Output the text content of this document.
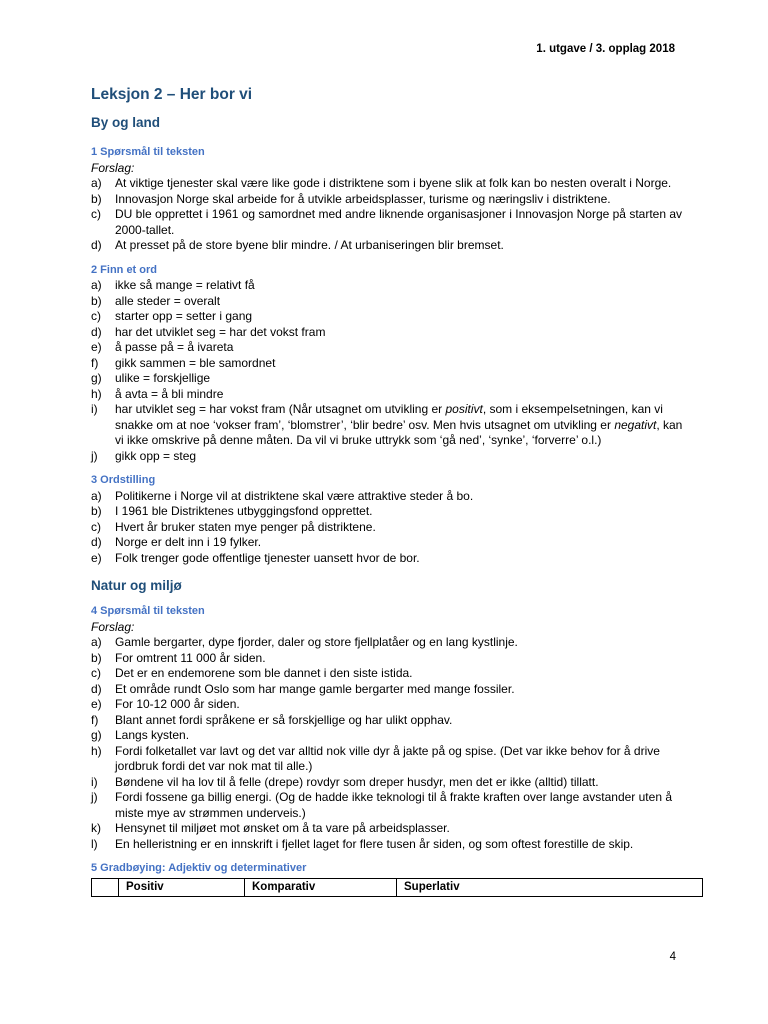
1. utgave / 3. opplag 2018
Leksjon 2 – Her bor vi
By og land
1 Spørsmål til teksten
Forslag:
a) At viktige tjenester skal være like gode i distriktene som i byene slik at folk kan bo nesten overalt i Norge.
b) Innovasjon Norge skal arbeide for å utvikle arbeidsplasser, turisme og næringsliv i distriktene.
c) DU ble opprettet i 1961 og samordnet med andre liknende organisasjoner i Innovasjon Norge på starten av 2000-tallet.
d) At presset på de store byene blir mindre. / At urbaniseringen blir bremset.
2 Finn et ord
a) ikke så mange = relativt få
b) alle steder = overalt
c) starter opp = setter i gang
d) har det utviklet seg = har det vokst fram
e) å passe på = å ivareta
f) gikk sammen = ble samordnet
g) ulike = forskjellige
h) å avta = å bli mindre
i) har utviklet seg = har vokst fram (Når utsagnet om utvikling er positivt, som i eksempelsetningen, kan vi snakke om at noe ‘vokser fram’, ‘blomstrer’, ‘blir bedre’ osv. Men hvis utsagnet om utvikling er negativt, kan vi ikke omskrive på denne måten. Da vil vi bruke uttrykk som ‘gå ned’, ‘synke’, ‘forverre’ o.l.)
j) gikk opp = steg
3 Ordstilling
a) Politikerne i Norge vil at distriktene skal være attraktive steder å bo.
b) I 1961 ble Distriktenes utbyggingsfond opprettet.
c) Hvert år bruker staten mye penger på distriktene.
d) Norge er delt inn i 19 fylker.
e) Folk trenger gode offentlige tjenester uansett hvor de bor.
Natur og miljø
4 Spørsmål til teksten
Forslag:
a) Gamle bergarter, dype fjorder, daler og store fjellplatåer og en lang kystlinje.
b) For omtrent 11 000 år siden.
c) Det er en endemorene som ble dannet i den siste istida.
d) Et område rundt Oslo som har mange gamle bergarter med mange fossiler.
e) For 10-12 000 år siden.
f) Blant annet fordi språkene er så forskjellige og har ulikt opphav.
g) Langs kysten.
h) Fordi folketallet var lavt og det var alltid nok ville dyr å jakte på og spise. (Det var ikke behov for å drive jordbruk fordi det var nok mat til alle.)
i) Bøndene vil ha lov til å felle (drepe) rovdyr som dreper husdyr, men det er ikke (alltid) tillatt.
j) Fordi fossene ga billig energi. (Og de hadde ikke teknologi til å frakte kraften over lange avstander uten å miste mye av strømmen underveis.)
k) Hensynet til miljøet mot ønsket om å ta vare på arbeidsplasser.
l) En helleristning er en innskrift i fjellet laget for flere tusen år siden, og som oftest forestille de skip.
5 Gradbøying: Adjektiv og determinativer
	Positiv	Komparativ	Superlativ
4
